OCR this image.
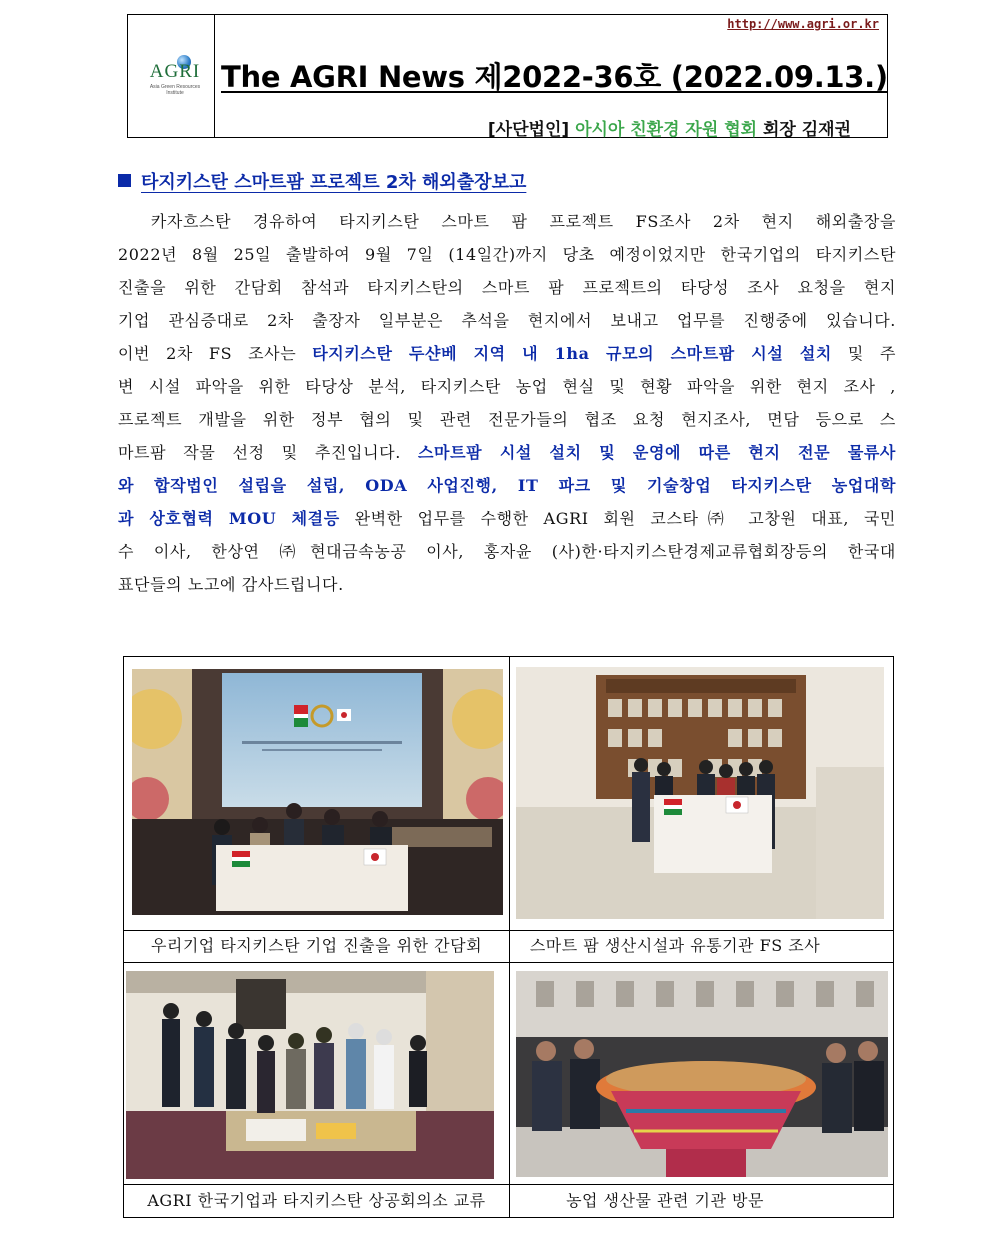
AGRI
Asia Green Resources Institute
http://www.agri.or.kr
The AGRI News 제2022-36호 (2022.09.13.)
[사단법인] 아시아 친환경 자원 협회 회장 김재권
타지키스탄 스마트팜 프로젝트 2차 해외출장보고
　카자흐스탄 경유하여 타지키스탄 스마트 팜 프로젝트 FS조사 2차 현지 해외출장을
2022년 8월 25일 출발하여 9월 7일 (14일간)까지 당초 예정이었지만 한국기업의 타지키스탄
진출을 위한 간담회 참석과 타지키스탄의 스마트 팜 프로젝트의 타당성 조사 요청을 현지
기업 관심증대로 2차 출장자 일부분은 추석을 현지에서 보내고 업무를 진행중에 있습니다.
이번 2차 FS 조사는 타지키스탄 두샨베 지역 내 1ha 규모의 스마트팜 시설 설치 및 주
변 시설 파악을 위한 타당상 분석, 타지키스탄 농업 현실 및 현황 파악을 위한 현지 조사 ,
프로젝트 개발을 위한 정부 협의 및 관련 전문가들의 협조 요청 현지조사, 면담 등으로 스
마트팜 작물 선정 및 추진입니다. 스마트팜 시설 설치 및 운영에 따른 현지 전문 물류사
와 합작법인 설립을 설립, ODA 사업진행, IT 파크 및 기술창업 타지키스탄 농업대학
과 상호협력 MOU 체결등 완벽한 업무를 수행한 AGRI 회원 코스타㈜ 고창원 대표, 국민
수 이사, 한상연 ㈜현대금속농공 이사, 홍자윤 (사)한·타지키스탄경제교류협회장등의 한국대
표단들의 노고에 감사드립니다.
우리기업 타지키스탄 기업 진출을 위한 간담회	스마트 팜 생산시설과 유통기관 FS 조사
AGRI 한국기업과 타지키스탄 상공회의소 교류	농업 생산물 관련 기관 방문
